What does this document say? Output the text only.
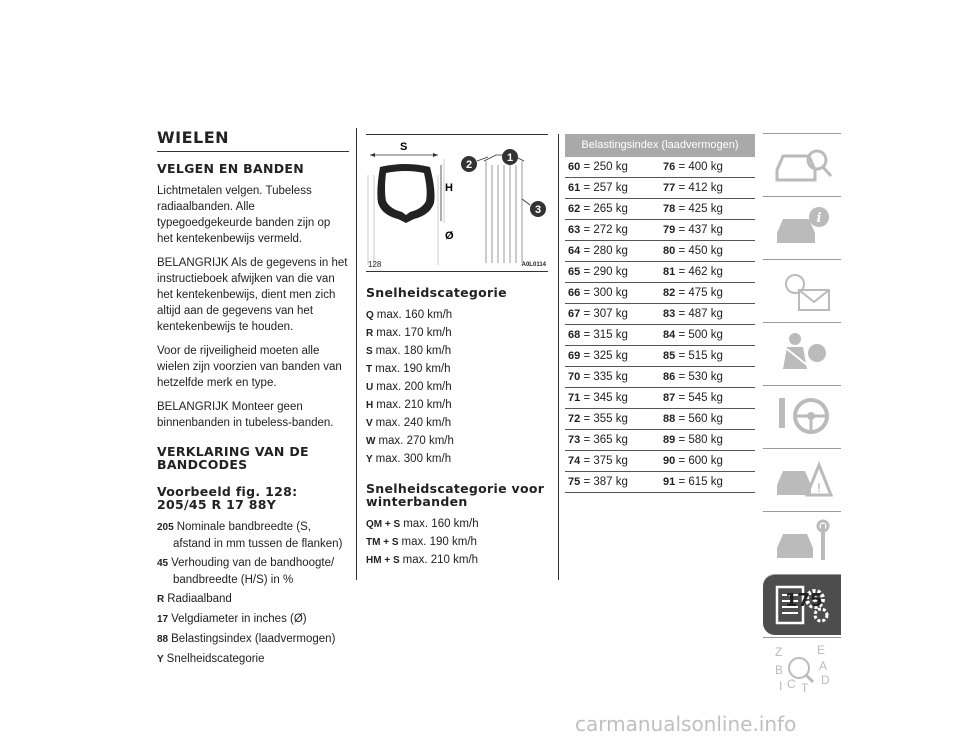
WIELEN
VELGEN EN BANDEN

Lichtmetalen velgen. Tubeless radiaalbanden. Alle typegoedgekeurde banden zijn op het kentekenbewijs vermeld.

BELANGRIJK Als de gegevens in het instructieboek afwijken van die van het kentekenbewijs, dient men zich altijd aan de gegevens van het kentekenbewijs te houden.

Voor de rijveiligheid moeten alle wielen zijn voorzien van banden van hetzelfde merk en type.

BELANGRIJK Monteer geen binnenbanden in tubeless-banden.

VERKLARING VAN DE BANDCODES
Voorbeeld fig. 128: 205/45 R 17 88Y

205 Nominale bandbreedte (S, afstand in mm tussen de flanken)

45 Verhouding van de bandhoogte/ bandbreedte (H/S) in %

R Radiaalband

17 Velgdiameter in inches (Ø)

88 Belastingsindex (laadvermogen)

Y Snelheidscategorie

S
H
Ø
2
1
3
128	A0L0114
Snelheidscategorie

Q max. 160 km/h

R max. 170 km/h

S max. 180 km/h

T max. 190 km/h

U max. 200 km/h

H max. 210 km/h

V max. 240 km/h

W max. 270 km/h

Y max. 300 km/h

Snelheidscategorie voor winterbanden

QM + S max. 160 km/h

TM + S max. 190 km/h

HM + S max. 210 km/h

Belastingsindex (laadvermogen)
60 = 250 kg	76 = 400 kg
61 = 257 kg	77 = 412 kg
62 = 265 kg	78 = 425 kg
63 = 272 kg	79 = 437 kg
64 = 280 kg	80 = 450 kg
65 = 290 kg	81 = 462 kg
66 = 300 kg	82 = 475 kg
67 = 307 kg	83 = 487 kg
68 = 315 kg	84 = 500 kg
69 = 325 kg	85 = 515 kg
70 = 335 kg	86 = 530 kg
71 = 345 kg	87 = 545 kg
72 = 355 kg	88 = 560 kg
73 = 365 kg	89 = 580 kg
74 = 375 kg	90 = 600 kg
75 = 387 kg	91 = 615 kg
i
!
Z	E
B	A
C T
D
I
175
carmanualsonline.info
